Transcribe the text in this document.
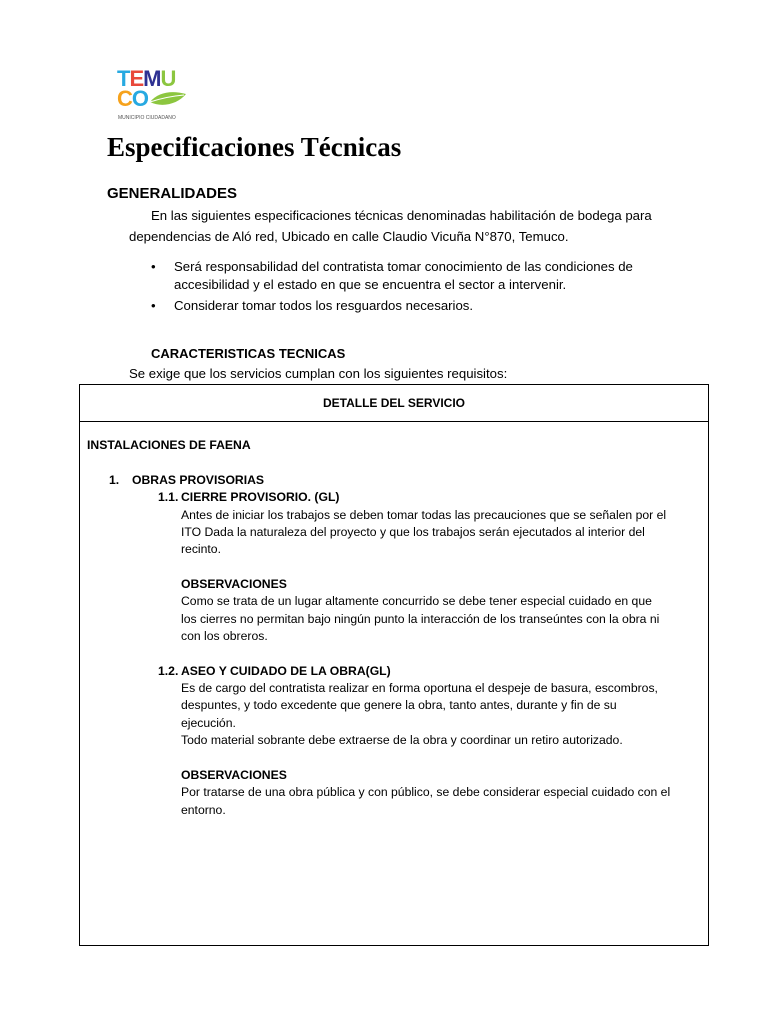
TEMU
CO
MUNICIPIO CIUDADANO
Especificaciones Técnicas
GENERALIDADES
En las siguientes especificaciones técnicas denominadas habilitación de bodega para
dependencias de Aló red, Ubicado en calle Claudio Vicuña N°870, Temuco.
• Será responsabilidad del contratista tomar conocimiento de las condiciones de
accesibilidad y el estado en que se encuentra el sector a intervenir.
• Considerar tomar todos los resguardos necesarios.
CARACTERISTICAS TECNICAS
Se exige que los servicios cumplan con los siguientes requisitos:
DETALLE DEL SERVICIO
INSTALACIONES DE FAENA
1. OBRAS PROVISORIAS
1.1. CIERRE PROVISORIO. (GL)
Antes de iniciar los trabajos se deben tomar todas las precauciones que se señalen por el
ITO Dada la naturaleza del proyecto y que los trabajos serán ejecutados al interior del
recinto.
OBSERVACIONES
Como se trata de un lugar altamente concurrido se debe tener especial cuidado en que
los cierres no permitan bajo ningún punto la interacción de los transeúntes con la obra ni
con los obreros.
1.2. ASEO Y CUIDADO DE LA OBRA(GL)
Es de cargo del contratista realizar en forma oportuna el despeje de basura, escombros,
despuntes, y todo excedente que genere la obra, tanto antes, durante y fin de su
ejecución.
Todo material sobrante debe extraerse de la obra y coordinar un retiro autorizado.
OBSERVACIONES
Por tratarse de una obra pública y con público, se debe considerar especial cuidado con el
entorno.
